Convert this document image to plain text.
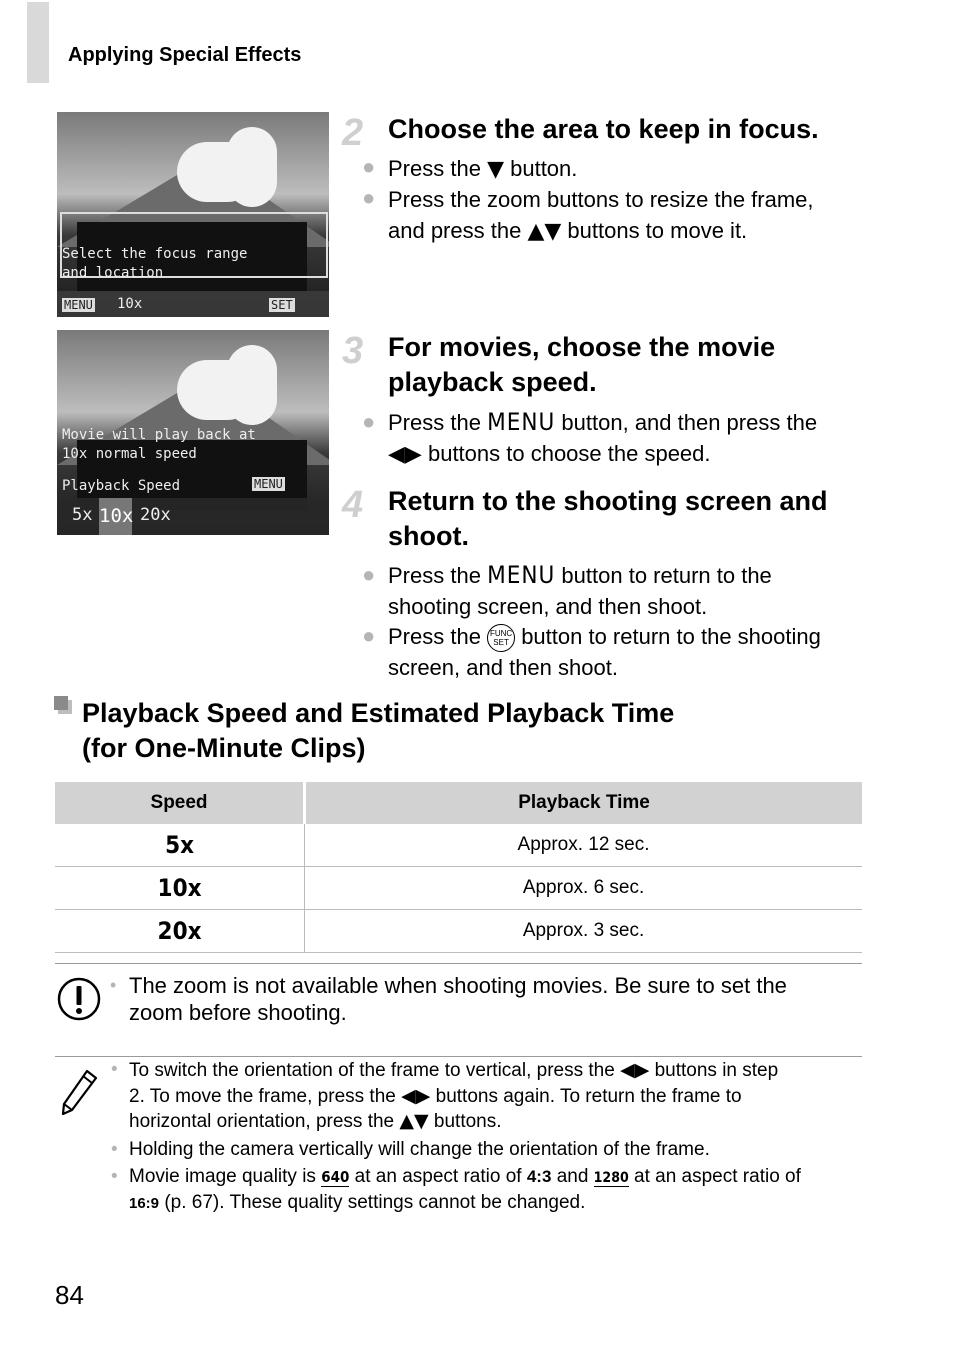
Applying Special Effects
Select the focus range
and location
MENU 10x	SET
Movie will play back at
10x normal speed
Playback Speed	MENU
5x 10x 20x
2 Choose the area to keep in focus.
● Press the ▼ button.
● Press the zoom buttons to resize the frame,
and press the ▲▼ buttons to move it.
3 For movies, choose the movie
playback speed.
● Press the MENU button, and then press the
◀▶ buttons to choose the speed.
4 Return to the shooting screen and
shoot.
● Press the MENU button to return to the
shooting screen, and then shoot.
● Press the FUNC
SET button to return to the shooting
screen, and then shoot.
Playback Speed and Estimated Playback Time
(for One-Minute Clips)
Speed	Playback Time
5x	Approx. 12 sec.
10x	Approx. 6 sec.
20x	Approx. 3 sec.
• The zoom is not available when shooting movies. Be sure to set the
zoom before shooting.
• To switch the orientation of the frame to vertical, press the ◀▶ buttons in step
2. To move the frame, press the ◀▶ buttons again. To return the frame to
horizontal orientation, press the ▲▼ buttons.
• Holding the camera vertically will change the orientation of the frame.
• Movie image quality is 640 at an aspect ratio of 4:3 and 1280 at an aspect ratio of
16:9 (p. 67). These quality settings cannot be changed.
84
